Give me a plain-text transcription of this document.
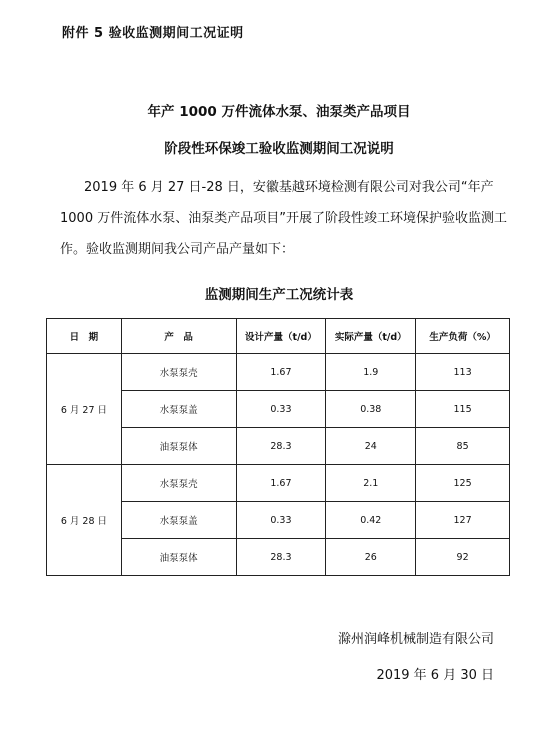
附件 5 验收监测期间工况证明
年产 1000 万件流体水泵、油泵类产品项目
阶段性环保竣工验收监测期间工况说明
2019 年 6 月 27 日-28 日，安徽基越环境检测有限公司对我公司“年产 1000 万件流体水泵、油泵类产品项目”开展了阶段性竣工环境保护验收监测工作。验收监测期间我公司产品产量如下：
监测期间生产工况统计表
日　期	产　品	设计产量（t/d）	实际产量（t/d）	生产负荷（%）
6 月 27 日	水泵泵壳	1.67	1.9	113
	水泵泵盖	0.33	0.38	115
	油泵泵体	28.3	24	85
6 月 28 日	水泵泵壳	1.67	2.1	125
	水泵泵盖	0.33	0.42	127
	油泵泵体	28.3	26	92
滁州润峰机械制造有限公司
2019 年 6 月 30 日
